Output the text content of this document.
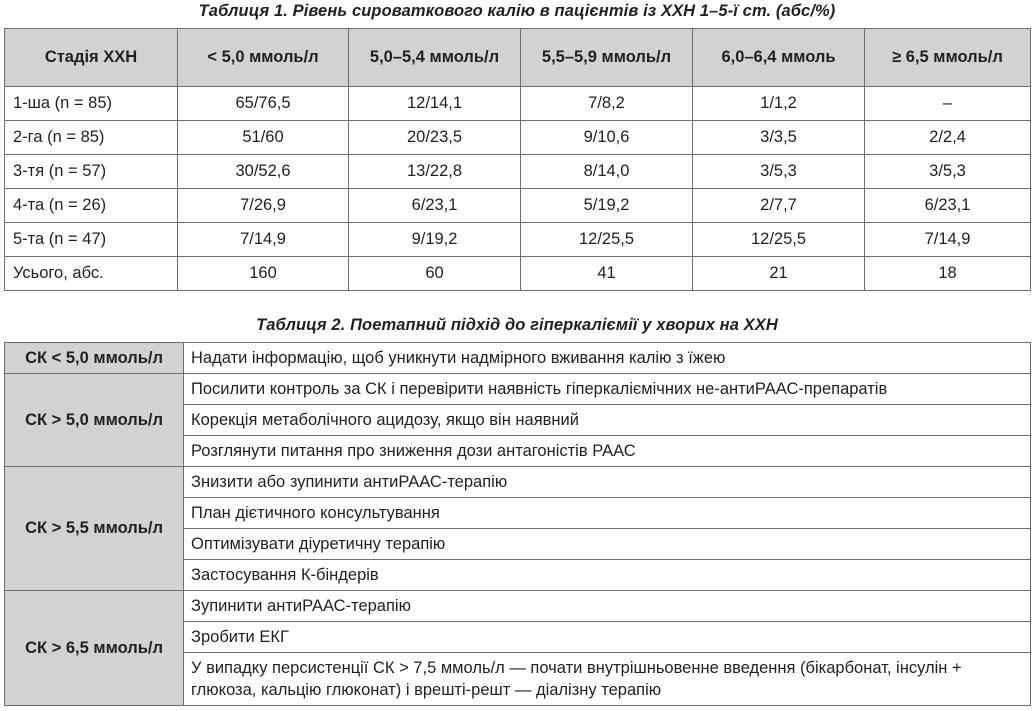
Таблиця 1. Рівень сироваткового калію в пацієнтів із ХХН 1–5-ї ст. (абс/%)
Стадія ХХН	< 5,0 ммоль/л	5,0–5,4 ммоль/л	5,5–5,9 ммоль/л	6,0–6,4 ммоль	≥ 6,5 ммоль/л
1-ша (n = 85)	65/76,5	12/14,1	7/8,2	1/1,2	–
2-га (n = 85)	51/60	20/23,5	9/10,6	3/3,5	2/2,4
3-тя (n = 57)	30/52,6	13/22,8	8/14,0	3/5,3	3/5,3
4-та (n = 26)	7/26,9	6/23,1	5/19,2	2/7,7	6/23,1
5-та (n = 47)	7/14,9	9/19,2	12/25,5	12/25,5	7/14,9
Усього, абс.	160	60	41	21	18
Таблиця 2. Поетапний підхід до гіперкаліємії у хворих на ХХН
СК < 5,0 ммоль/л	Надати інформацію, щоб уникнути надмірного вживання калію з їжею
СК > 5,0 ммоль/л	Посилити контроль за СК і перевірити наявність гіперкаліємічних не-антиРААС-препаратів
	Корекція метаболічного ацидозу, якщо він наявний
	Розглянути питання про зниження дози антагоністів РААС
СК > 5,5 ммоль/л	Знизити або зупинити антиРААС-терапію
	План дієтичного консультування
	Оптимізувати діуретичну терапію
	Застосування К-біндерів
СК > 6,5 ммоль/л	Зупинити антиРААС-терапію
	Зробити ЕКГ
	У випадку персистенції СК > 7,5 ммоль/л — почати внутрішньовенне введення (бікарбонат, інсулін + глюкоза, кальцію глюконат) і врешті-решт — діалізну терапію
